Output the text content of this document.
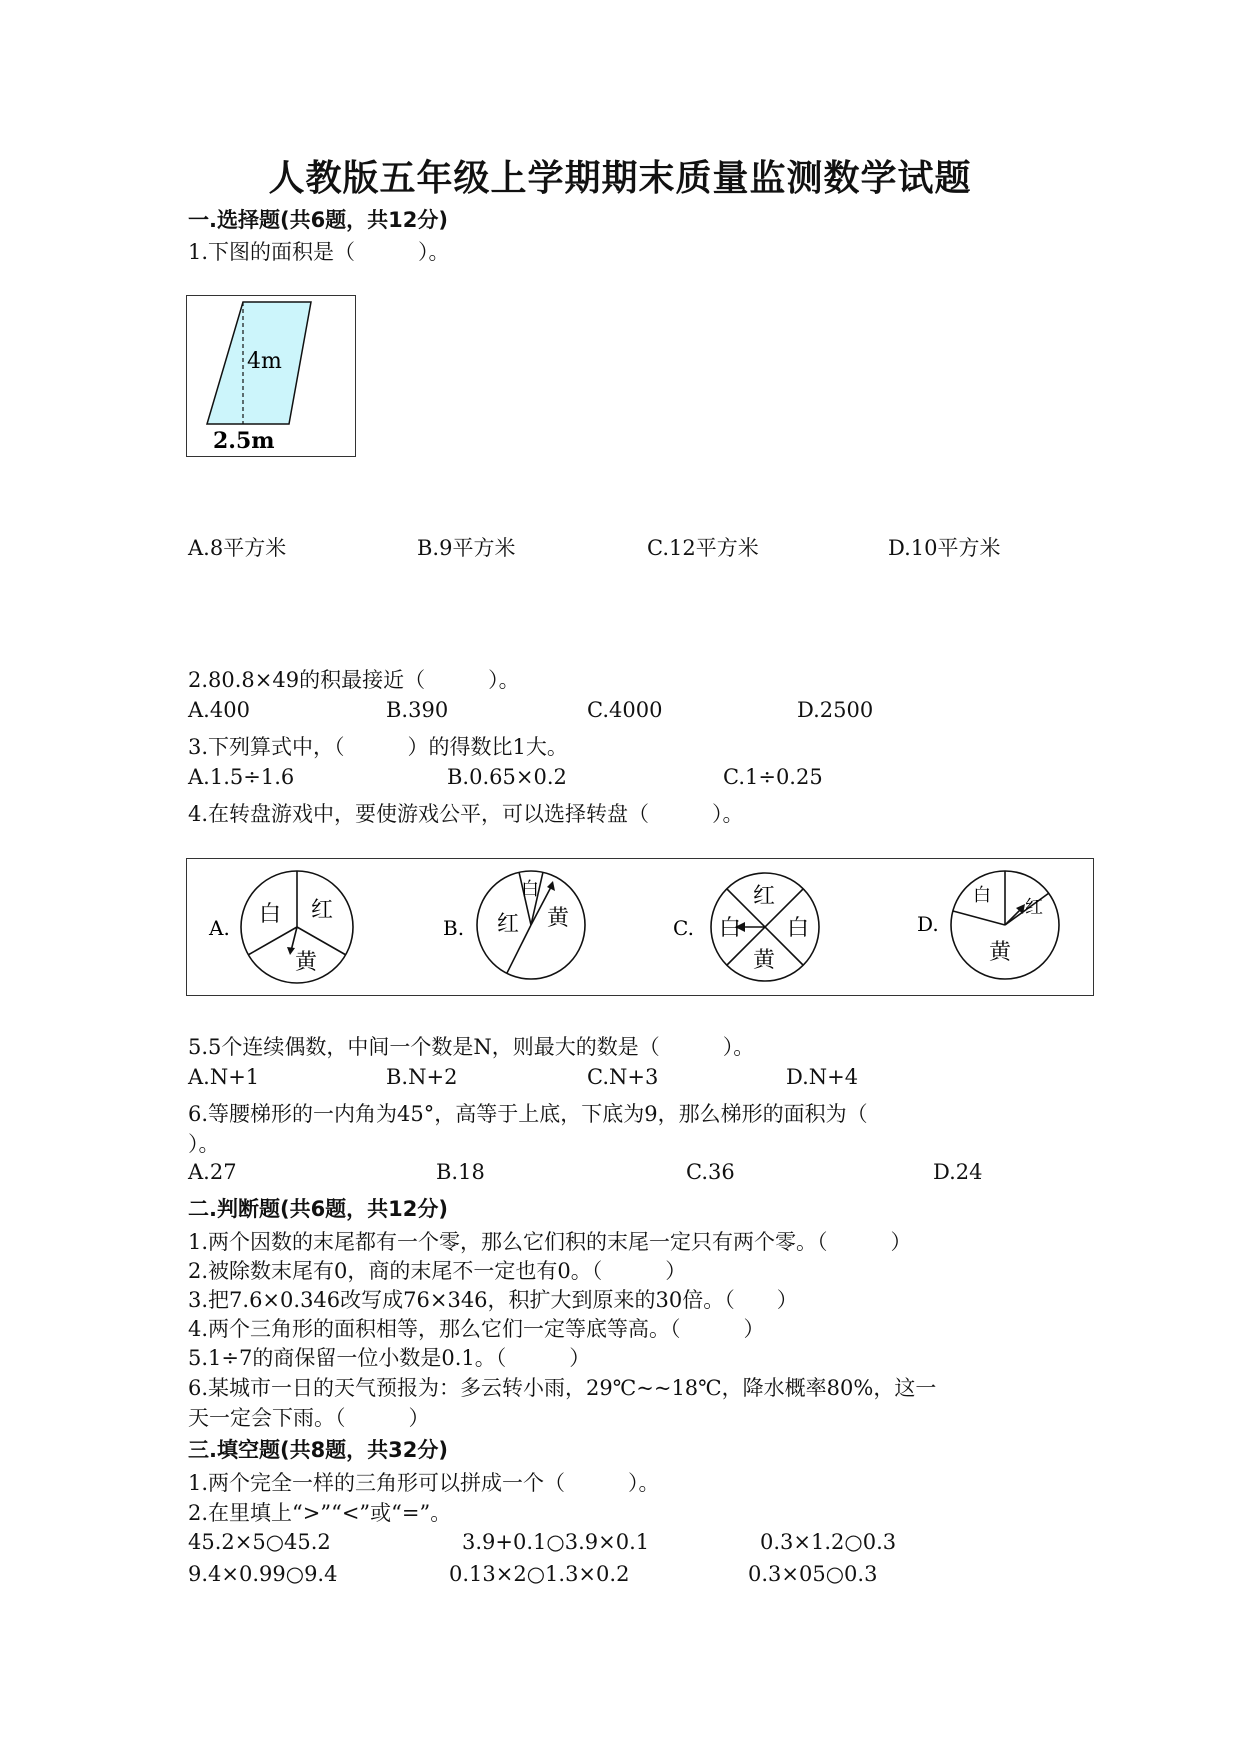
人教版五年级上学期期末质量监测数学试题
一.选择题(共6题，共12分)
1.下图的面积是（　　　）。
4m
2.5m
A.8平方米	B.9平方米	C.12平方米	D.10平方米
2.80.8×49的积最接近（　　　）。
A.400	B.390	C.4000	D.2500
3.下列算式中，（　　　）的得数比1大。
A.1.5÷1.6	B.0.65×0.2	C.1÷0.25
4.在转盘游戏中，要使游戏公平，可以选择转盘（　　　）。
A.
白 红
黄
B.
白
红 黄	C.
红
白 白
黄
D.
白
红
黄
5.5个连续偶数，中间一个数是N，则最大的数是（　　　）。
A.N+1	B.N+2	C.N+3	D.N+4
6.等腰梯形的一内角为45°，高等于上底，下底为9，那么梯形的面积为（
）。
A.27	B.18	C.36	D.24
二.判断题(共6题，共12分)
1.两个因数的末尾都有一个零，那么它们积的末尾一定只有两个零。（　　　）
2.被除数末尾有0，商的末尾不一定也有0。（　　　）
3.把7.6×0.346改写成76×346，积扩大到原来的30倍。（　　）
4.两个三角形的面积相等，那么它们一定等底等高。（　　　）
5.1÷7的商保留一位小数是0.1。（　　　）
6.某城市一日的天气预报为：多云转小雨，29℃~~18℃，降水概率80%，这一
天一定会下雨。（　　　）
三.填空题(共8题，共32分)
1.两个完全一样的三角形可以拼成一个（　　　）。
2.在里填上“>”“<”或“=”。
45.2×5○45.2	3.9+0.1○3.9×0.1	0.3×1.2○0.3
9.4×0.99○9.4	0.13×2○1.3×0.2	0.3×05○0.3
